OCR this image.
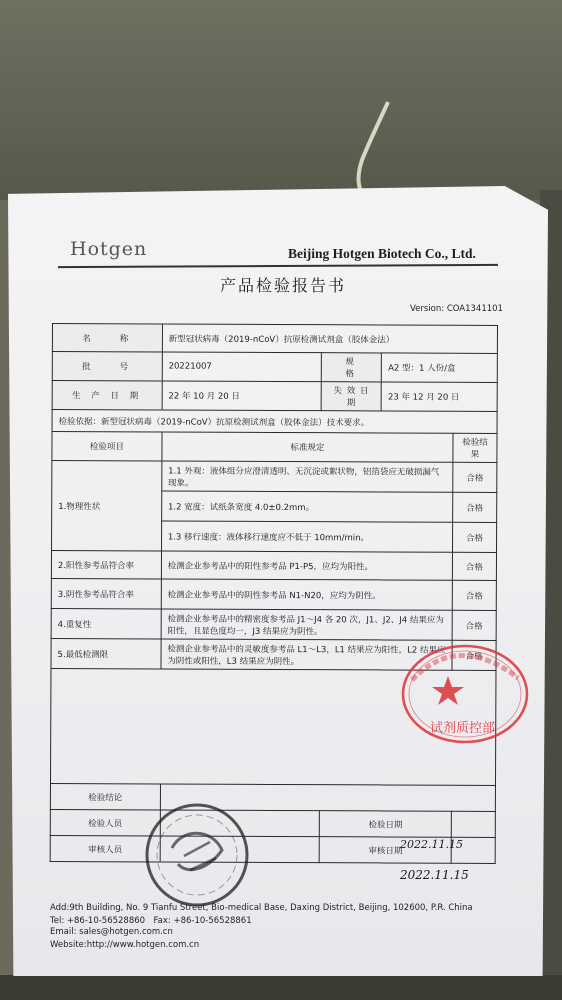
Hotgen	Beijing Hotgen Biotech Co., Ltd.
产品检验报告书
Version: COA1341101
名　　称	新型冠状病毒（2019-nCoV）抗原检测试剂盒（胶体金法）			
批　　号	20221007	规　　格	A2 型：1 人份/盒	
生 产 日 期	22 年 10 月 20 日	失 效 日 期	23 年 12 月 20 日	
检验依据：新型冠状病毒（2019-nCoV）抗原检测试剂盒（胶体金法）技术要求。				
检验项目	标准规定			检验结果
1.物理性状	1.1 外观：液体组分应澄清透明、无沉淀或絮状物，铝箔袋应无破损漏气现象。			合格
	1.2 宽度：试纸条宽度 4.0±0.2mm。			合格
	1.3 移行速度：液体移行速度应不低于 10mm/min。			合格
2.阳性参考品符合率	检测企业参考品中的阳性参考品 P1-P5，应均为阳性。			合格
3.阴性参考品符合率	检测企业参考品中的阴性参考品 N1-N20，应均为阴性。			合格
4.重复性	检测企业参考品中的精密度参考品 J1～J4 各 20 次，J1、J2、J4 结果应为阳性，且显色度均一，J3 结果应为阴性。			合格
5.最低检测限	检测企业参考品中的灵敏度参考品 L1～L3，L1 结果应为阳性，L2 结果应为阴性或阳性，L3 结果应为阴性。			合格

检验结论				
检验人员		检验日期		
审核人员		审核日期		
2022.11.15
2022.11.15
试剂质控部
Add:9th Building, No. 9 Tianfu Street, Bio-medical Base, Daxing District, Beijing, 102600, P.R. China
Tel: +86-10-56528860　Fax: +86-10-56528861
Email: sales@hotgen.com.cn
Website:http://www.hotgen.com.cn
